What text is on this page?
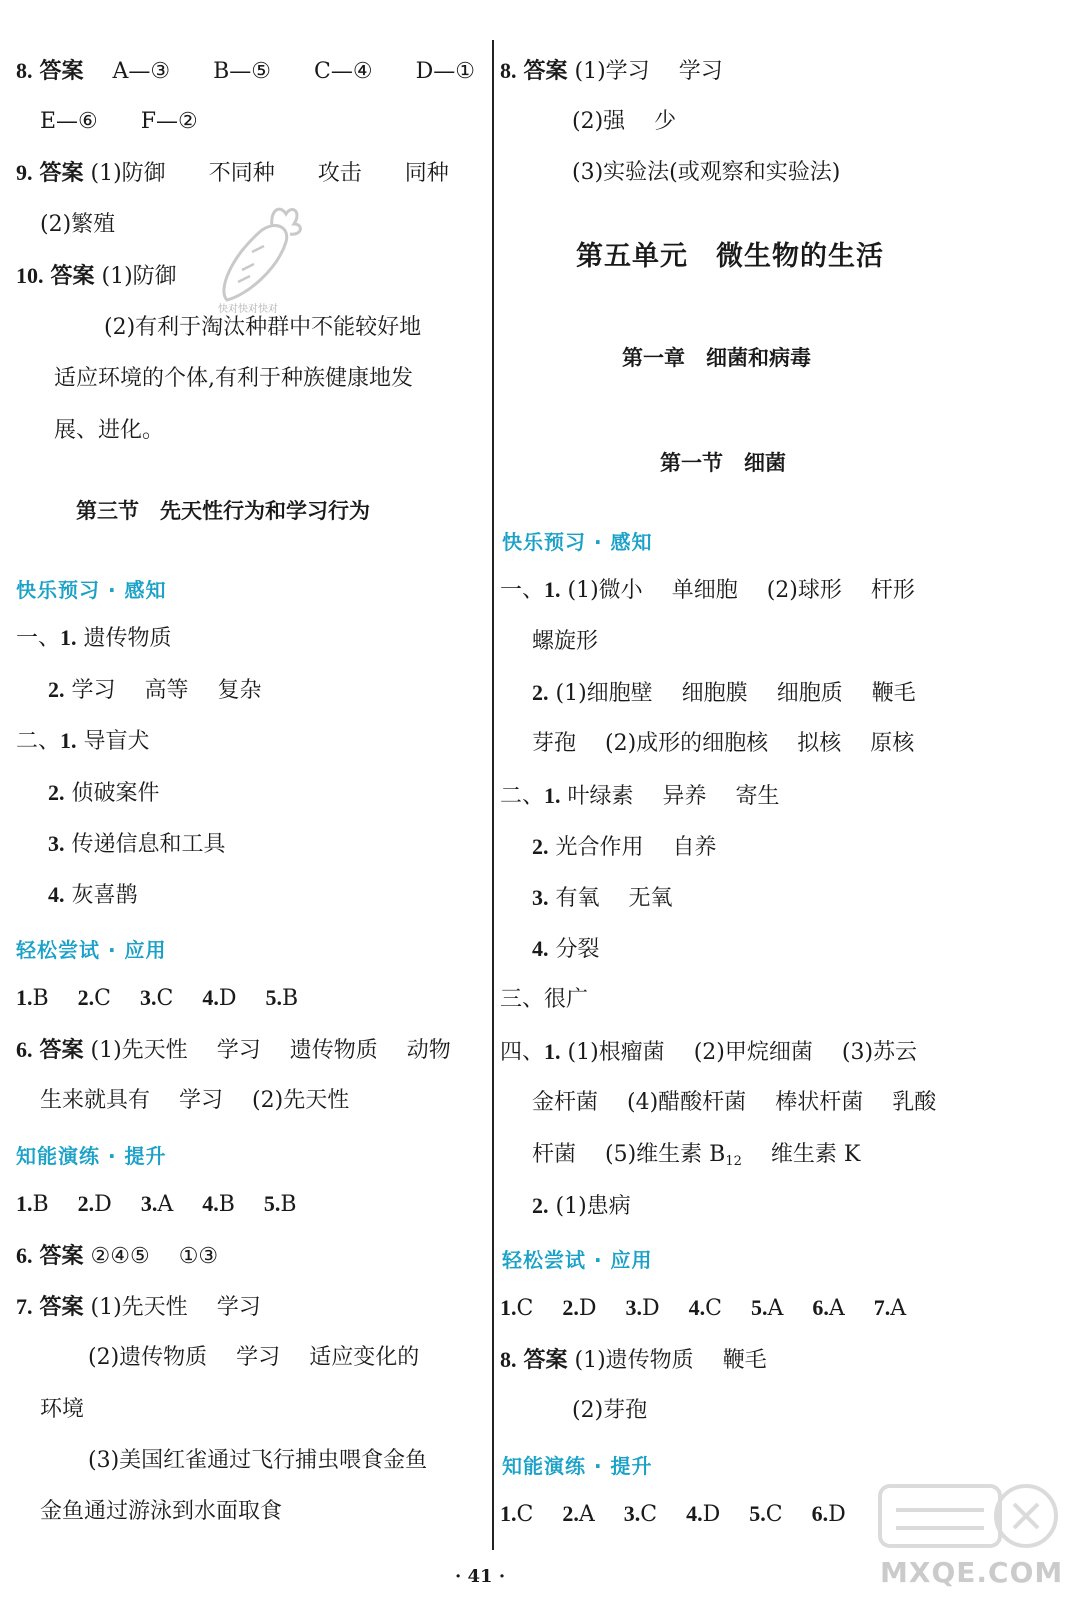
8. 答案 A—③ B—⑤ C—④ D—①
E—⑥ F—②
9. 答案 (1)防御 不同种 攻击 同种
(2)繁殖
10. 答案 (1)防御
(2)有利于淘汰种群中不能较好地
适应环境的个体,有利于种族健康地发
展、进化。
第三节　先天性行为和学习行为
快乐预习 · 感知
一、1. 遗传物质
2. 学习 高等 复杂
二、1. 导盲犬
2. 侦破案件
3. 传递信息和工具
4. 灰喜鹊
轻松尝试 · 应用
1.B 2.C 3.C 4.D 5.B
6. 答案 (1)先天性 学习 遗传物质 动物
生来就具有 学习 (2)先天性
知能演练 · 提升
1.B 2.D 3.A 4.B 5.B
6. 答案 ②④⑤ ①③
7. 答案 (1)先天性 学习
(2)遗传物质 学习 适应变化的
环境
(3)美国红雀通过飞行捕虫喂食金鱼
金鱼通过游泳到水面取食
8. 答案 (1)学习 学习
(2)强 少
(3)实验法(或观察和实验法)
第五单元　微生物的生活
第一章　细菌和病毒
第一节　细菌
快乐预习 · 感知
一、1. (1)微小 单细胞 (2)球形 杆形
螺旋形
2. (1)细胞壁 细胞膜 细胞质 鞭毛
芽孢 (2)成形的细胞核 拟核 原核
二、1. 叶绿素 异养 寄生
2. 光合作用 自养
3. 有氧 无氧
4. 分裂
三、很广
四、1. (1)根瘤菌 (2)甲烷细菌 (3)苏云
金杆菌 (4)醋酸杆菌 棒状杆菌 乳酸
杆菌 (5)维生素 $B_{12}$ 维生素 K
2. (1)患病
轻松尝试 · 应用
1.C 2.D 3.D 4.C 5.A 6.A 7.A
8. 答案 (1)遗传物质 鞭毛
(2)芽孢
知能演练 · 提升
1.C 2.A 3.C 4.D 5.C 6.D
快对快对快对
MXQE.COM
· 41 ·
